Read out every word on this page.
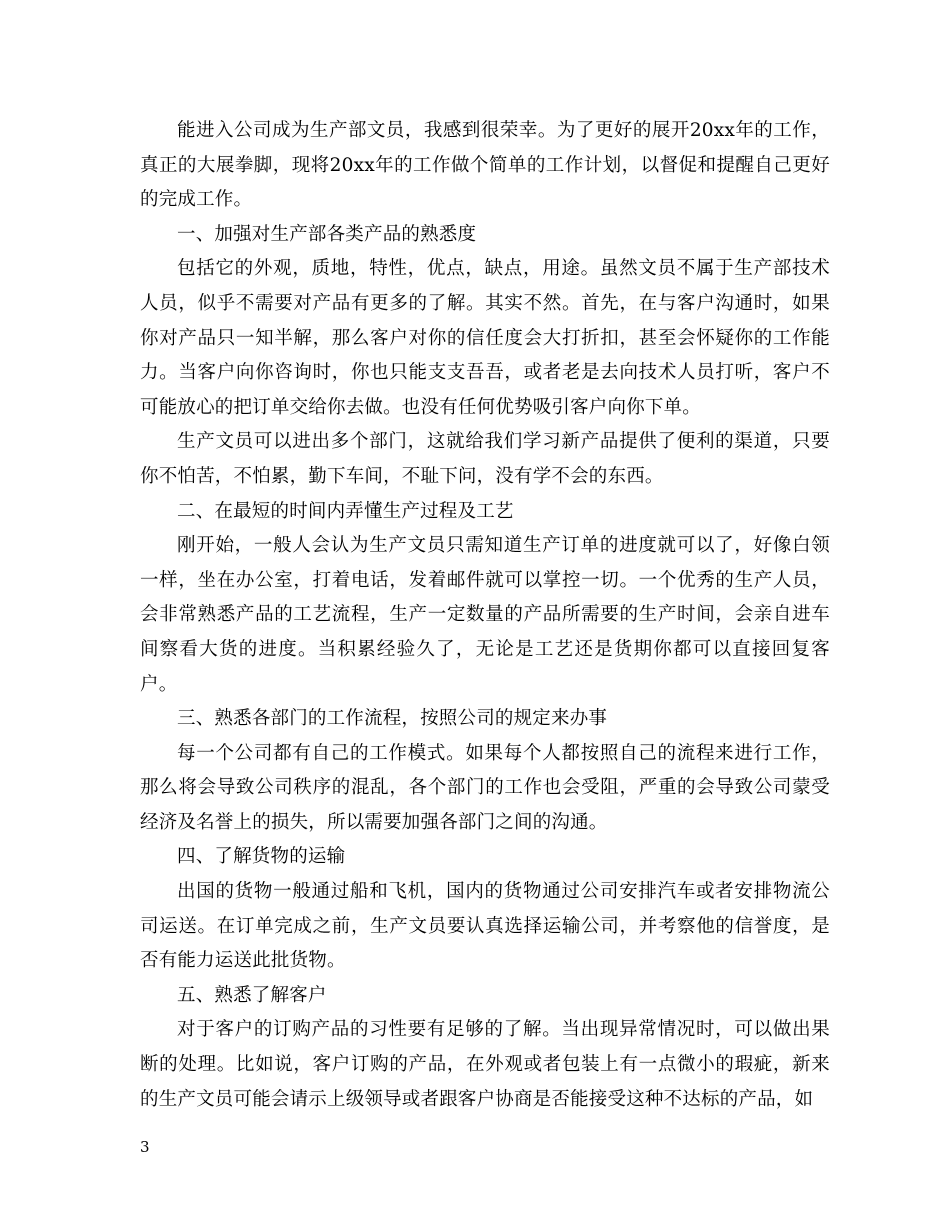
能进入公司成为生产部文员，我感到很荣幸。为了更好的展开20xx年的工作，真正的大展拳脚，现将20xx年的工作做个简单的工作计划，以督促和提醒自己更好的完成工作。

一、加强对生产部各类产品的熟悉度

包括它的外观，质地，特性，优点，缺点，用途。虽然文员不属于生产部技术人员，似乎不需要对产品有更多的了解。其实不然。首先，在与客户沟通时，如果你对产品只一知半解，那么客户对你的信任度会大打折扣，甚至会怀疑你的工作能力。当客户向你咨询时，你也只能支支吾吾，或者老是去向技术人员打听，客户不可能放心的把订单交给你去做。也没有任何优势吸引客户向你下单。

生产文员可以进出多个部门，这就给我们学习新产品提供了便利的渠道，只要你不怕苦，不怕累，勤下车间，不耻下问，没有学不会的东西。

二、在最短的时间内弄懂生产过程及工艺

刚开始，一般人会认为生产文员只需知道生产订单的进度就可以了，好像白领一样，坐在办公室，打着电话，发着邮件就可以掌控一切。一个优秀的生产人员，会非常熟悉产品的工艺流程，生产一定数量的产品所需要的生产时间，会亲自进车间察看大货的进度。当积累经验久了，无论是工艺还是货期你都可以直接回复客户。

三、熟悉各部门的工作流程，按照公司的规定来办事

每一个公司都有自己的工作模式。如果每个人都按照自己的流程来进行工作，那么将会导致公司秩序的混乱，各个部门的工作也会受阻，严重的会导致公司蒙受经济及名誉上的损失，所以需要加强各部门之间的沟通。

四、了解货物的运输

出国的货物一般通过船和飞机，国内的货物通过公司安排汽车或者安排物流公司运送。在订单完成之前，生产文员要认真选择运输公司，并考察他的信誉度，是否有能力运送此批货物。

五、熟悉了解客户

对于客户的订购产品的习性要有足够的了解。当出现异常情况时，可以做出果断的处理。比如说，客户订购的产品，在外观或者包装上有一点微小的瑕疵，新来的生产文员可能会请示上级领导或者跟客户协商是否能接受这种不达标的产品，如

3
